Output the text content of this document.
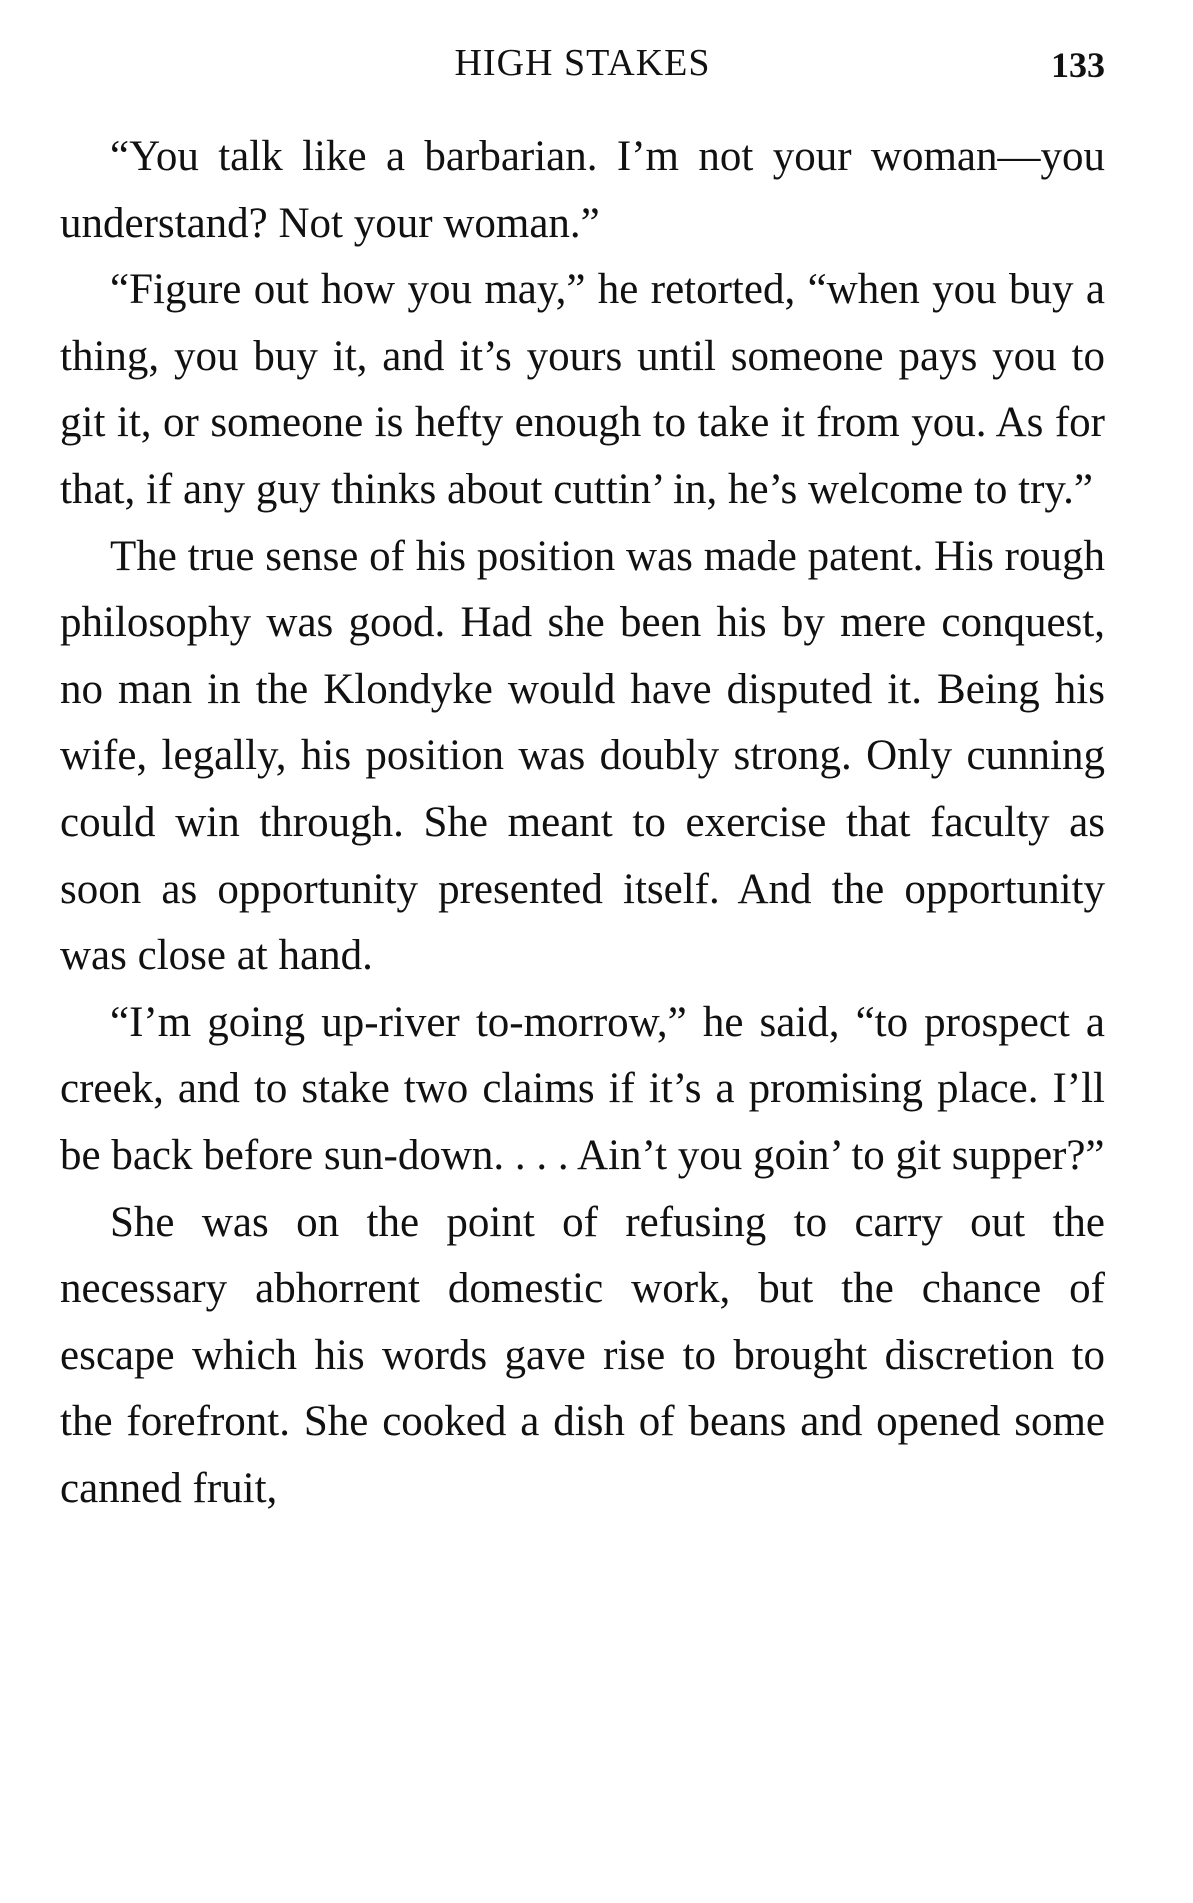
HIGH STAKES	133

“You talk like a barbarian. I’m not your woman—you understand? Not your woman.”

“Figure out how you may,” he retorted, “when you buy a thing, you buy it, and it’s yours until someone pays you to git it, or someone is hefty enough to take it from you. As for that, if any guy thinks about cuttin’ in, he’s welcome to try.”

The true sense of his position was made patent. His rough philosophy was good. Had she been his by mere conquest, no man in the Klondyke would have disputed it. Being his wife, legally, his position was doubly strong. Only cunning could win through. She meant to exercise that faculty as soon as opportunity presented itself. And the opportunity was close at hand.

“I’m going up-river to-morrow,” he said, “to prospect a creek, and to stake two claims if it’s a promising place. I’ll be back before sun-down. . . . Ain’t you goin’ to git supper?”

She was on the point of refusing to carry out the necessary abhorrent domestic work, but the chance of escape which his words gave rise to brought discretion to the forefront. She cooked a dish of beans and opened some canned fruit,
